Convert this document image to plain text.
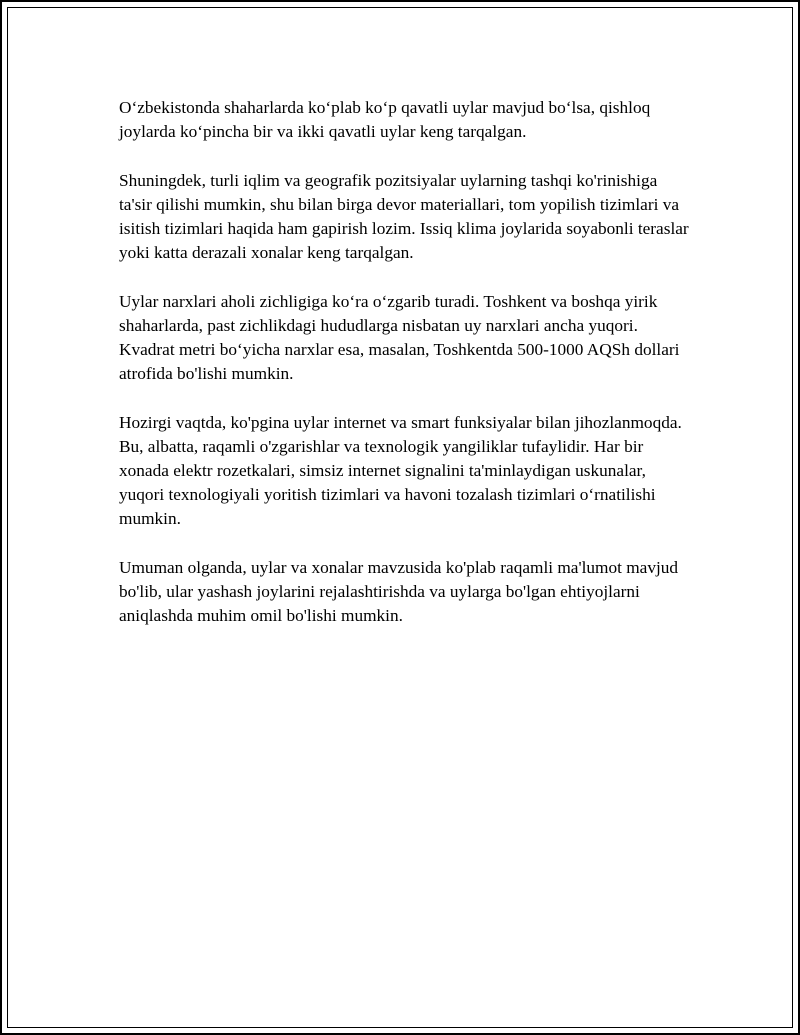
O‘zbekistonda shaharlarda ko‘plab ko‘p qavatli uylar mavjud bo‘lsa, qishloq joylarda ko‘pincha bir va ikki qavatli uylar keng tarqalgan.

Shuningdek, turli iqlim va geografik pozitsiyalar uylarning tashqi ko'rinishiga ta'sir qilishi mumkin, shu bilan birga devor materiallari, tom yopilish tizimlari va isitish tizimlari haqida ham gapirish lozim. Issiq klima joylarida soyabonli teraslar yoki katta derazali xonalar keng tarqalgan.

Uylar narxlari aholi zichligiga ko‘ra o‘zgarib turadi. Toshkent va boshqa yirik shaharlarda, past zichlikdagi hududlarga nisbatan uy narxlari ancha yuqori. Kvadrat metri bo‘yicha narxlar esa, masalan, Toshkentda 500-1000 AQSh dollari atrofida bo'lishi mumkin.

Hozirgi vaqtda, ko'pgina uylar internet va smart funksiyalar bilan jihozlanmoqda. Bu, albatta, raqamli o'zgarishlar va texnologik yangiliklar tufaylidir. Har bir xonada elektr rozetkalari, simsiz internet signalini ta'minlaydigan uskunalar, yuqori texnologiyali yoritish tizimlari va havoni tozalash tizimlari o‘rnatilishi mumkin.

Umuman olganda, uylar va xonalar mavzusida ko'plab raqamli ma'lumot mavjud bo'lib, ular yashash joylarini rejalashtirishda va uylarga bo'lgan ehtiyojlarni aniqlashda muhim omil bo'lishi mumkin.
